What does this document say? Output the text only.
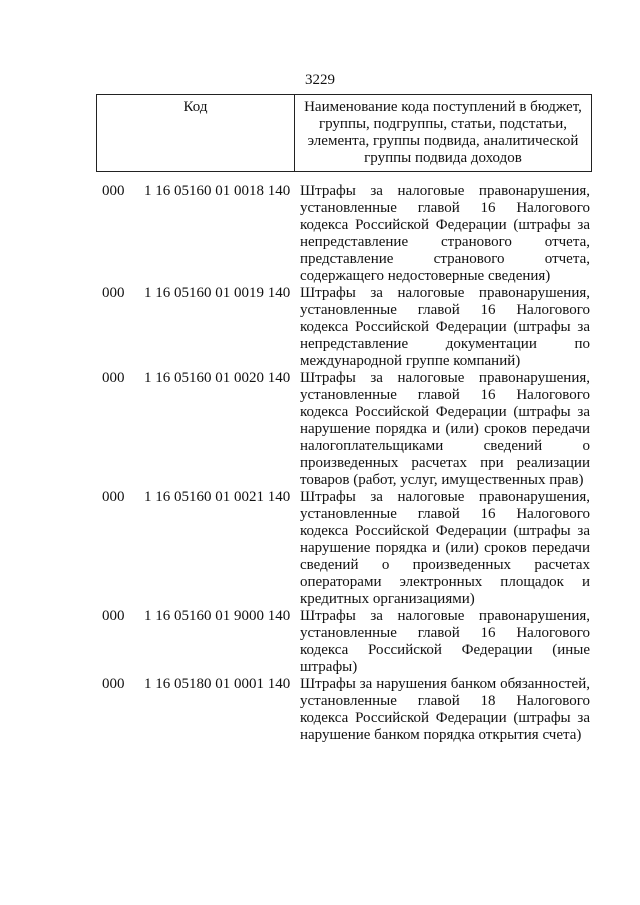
3229
Код	Наименование кода поступлений в бюджет, группы, подгруппы, статьи, подстатьи, элемента, группы подвида, аналитической группы подвида доходов
000	1 16 05160 01 0018 140 Штрафы за налоговые правонарушения, установленные главой 16 Налогового кодекса Российской Федерации (штрафы за непредставление странового отчета, представление странового отчета, содержащего недостоверные сведения)
000	1 16 05160 01 0019 140 Штрафы за налоговые правонарушения, установленные главой 16 Налогового кодекса Российской Федерации (штрафы за непредставление документации по международной группе компаний)
000	1 16 05160 01 0020 140 Штрафы за налоговые правонарушения, установленные главой 16 Налогового кодекса Российской Федерации (штрафы за нарушение порядка и (или) сроков передачи налогоплательщиками сведений о произведенных расчетах при реализации товаров (работ, услуг, имущественных прав)
000	1 16 05160 01 0021 140 Штрафы за налоговые правонарушения, установленные главой 16 Налогового кодекса Российской Федерации (штрафы за нарушение порядка и (или) сроков передачи сведений о произведенных расчетах операторами электронных площадок и кредитных организациями)
000	1 16 05160 01 9000 140 Штрафы за налоговые правонарушения, установленные главой 16 Налогового кодекса Российской Федерации (иные штрафы)
000	1 16 05180 01 0001 140 Штрафы за нарушения банком обязанностей, установленные главой 18 Налогового кодекса Российской Федерации (штрафы за нарушение банком порядка открытия счета)
